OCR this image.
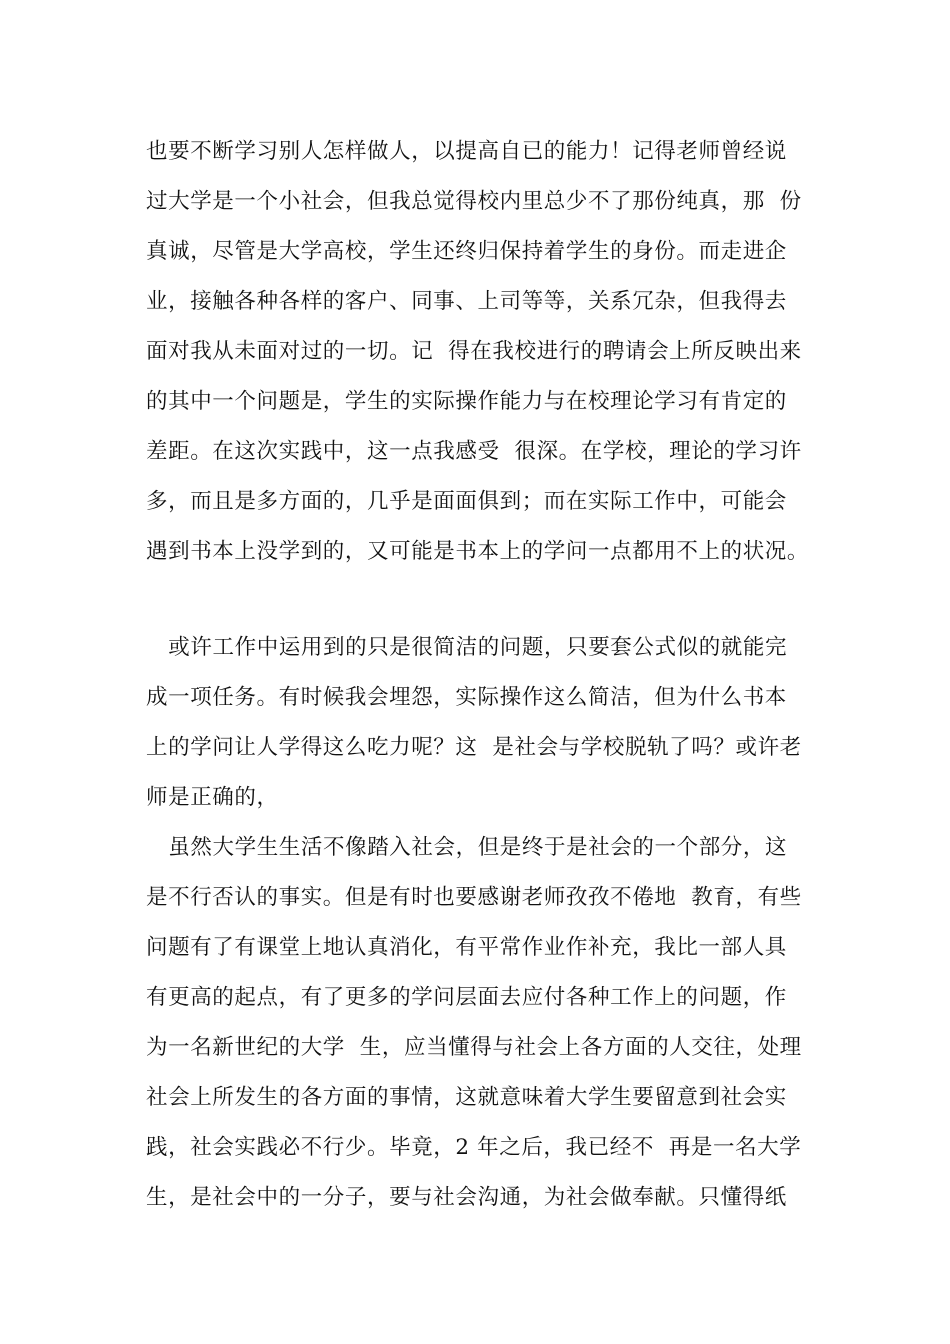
也要不断学习别人怎样做人，以提高自已的能力！记得老师曾经说
过大学是一个小社会，但我总觉得校内里总少不了那份纯真，那  份
真诚，尽管是大学高校，学生还终归保持着学生的身份。而走进企
业，接触各种各样的客户、同事、上司等等，关系冗杂，但我得去
面对我从未面对过的一切。记  得在我校进行的聘请会上所反映出来
的其中一个问题是，学生的实际操作能力与在校理论学习有肯定的
差距。在这次实践中，这一点我感受  很深。在学校，理论的学习许
多，而且是多方面的，几乎是面面俱到；而在实际工作中，可能会
遇到书本上没学到的，又可能是书本上的学问一点都用不上的状况。
或许工作中运用到的只是很简洁的问题，只要套公式似的就能完
成一项任务。有时候我会埋怨，实际操作这么简洁，但为什么书本
上的学问让人学得这么吃力呢？这  是社会与学校脱轨了吗？或许老
师是正确的，
虽然大学生生活不像踏入社会，但是终于是社会的一个部分，这
是不行否认的事实。但是有时也要感谢老师孜孜不倦地  教育，有些
问题有了有课堂上地认真消化，有平常作业作补充，我比一部人具
有更高的起点，有了更多的学问层面去应付各种工作上的问题，作
为一名新世纪的大学  生，应当懂得与社会上各方面的人交往，处理
社会上所发生的各方面的事情，这就意味着大学生要留意到社会实
践，社会实践必不行少。毕竟，2 年之后，我已经不  再是一名大学
生，是社会中的一分子，要与社会沟通，为社会做奉献。只懂得纸
